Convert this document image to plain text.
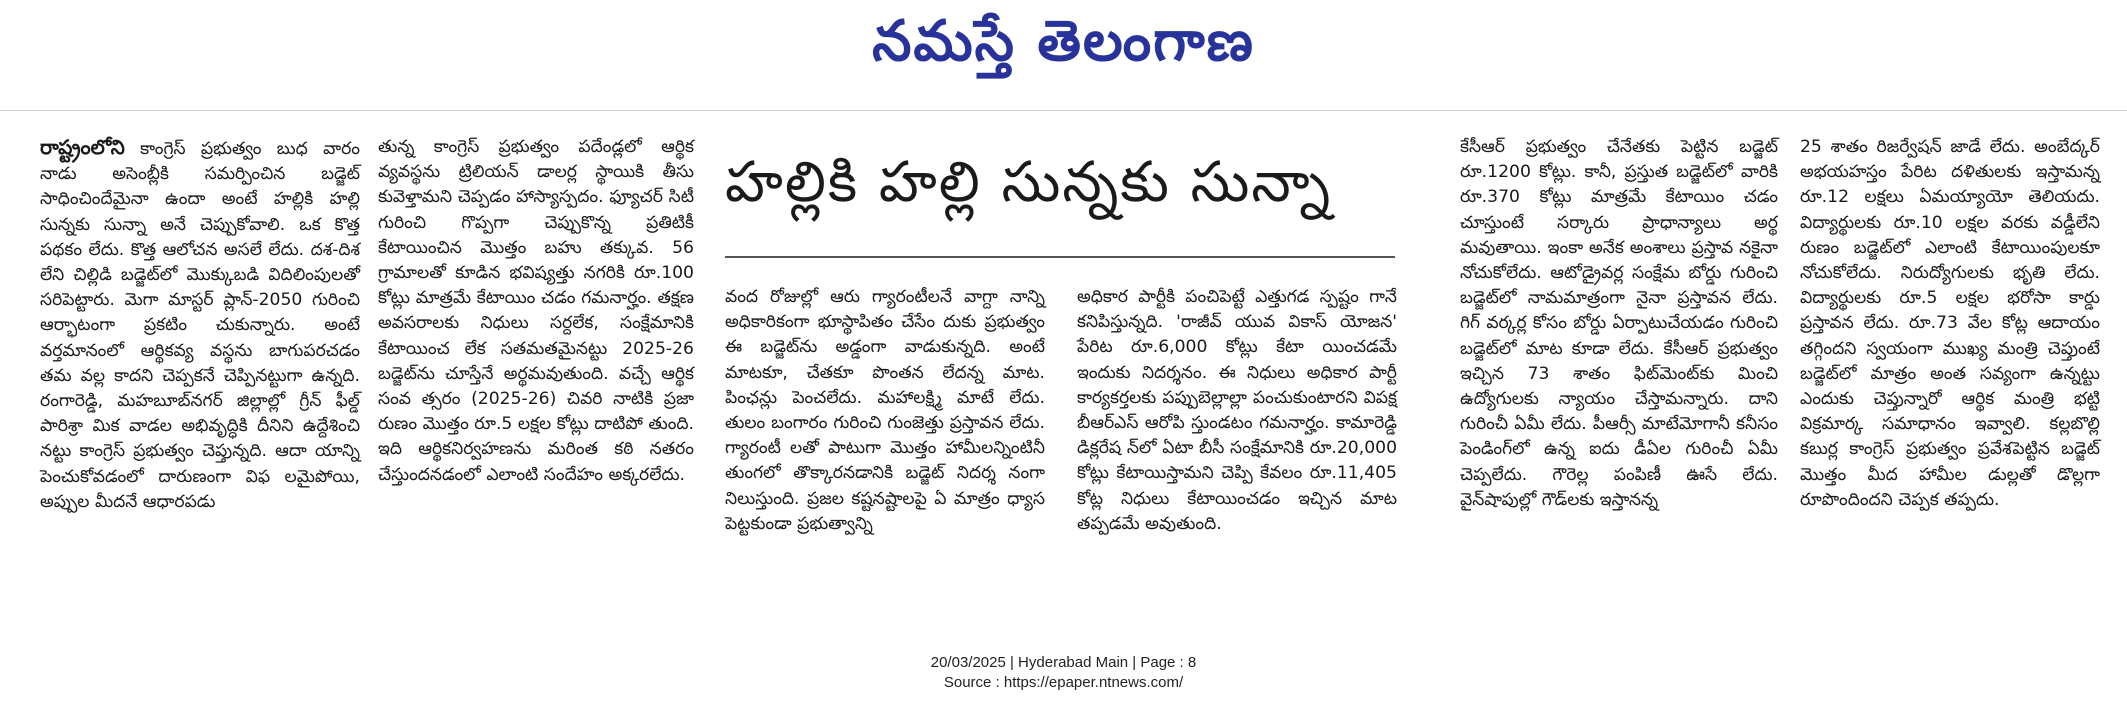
నమస్తే తెలంగాణ

రాష్ట్రంలోని కాంగ్రెస్ ప్రభుత్వం బుధ వారం నాడు అసెంబ్లీకి సమర్పించిన బడ్జెట్ సాధించిందేమైనా ఉందా అంటే హల్లికి హల్లి సున్నకు సున్నా అనే చెప్పుకోవాలి. ఒక కొత్త పథకం లేదు. కొత్త ఆలోచన అసలే లేదు. దశ-దిశ లేని చిల్లిడి బడ్జెట్‌లో మొక్కుబడి విదిలింపులతో సరిపెట్టారు. మెగా మాస్టర్ ప్లాన్-2050 గురించి ఆర్భాటంగా ప్రకటిం చుకున్నారు. అంటే వర్తమానంలో ఆర్థికవ్య వస్థను బాగుపరచడం తమ వల్ల కాదని చెప్పకనే చెప్పినట్టుగా ఉన్నది. రంగారెడ్డి, మహబూబ్‌నగర్ జిల్లాల్లో గ్రీన్ ఫీల్డ్ పారిశ్రా మిక వాడల అభివృద్ధికి దీనిని ఉద్దేశించి నట్టు కాంగ్రెస్ ప్రభుత్వం చెప్తున్నది. ఆదా యాన్ని పెంచుకోవడంలో దారుణంగా విఫ లమైపోయి, అప్పుల మీదనే ఆధారపడు

తున్న కాంగ్రెస్ ప్రభుత్వం పదేండ్లలో ఆర్థిక వ్యవస్థను ట్రిలియన్ డాలర్ల స్థాయికి తీసు కువెళ్తామని చెప్పడం హాస్యాస్పదం. ఫ్యూచర్ సిటీ గురించి గొప్పగా చెప్పుకొన్న ప్రతిటికీ కేటాయించిన మొత్తం బహు తక్కువ. 56 గ్రామాలతో కూడిన భవిష్యత్తు నగరికి రూ.100 కోట్లు మాత్రమే కేటాయిం చడం గమనార్హం. తక్షణ అవసరాలకు నిధులు సర్దలేక, సంక్షేమానికి కేటాయించ లేక సతమతమైనట్టు 2025-26 బడ్జెట్‌ను చూస్తేనే అర్థమవుతుంది. వచ్చే ఆర్థిక సంవ త్సరం (2025-26) చివరి నాటికి ప్రజా రుణం మొత్తం రూ.5 లక్షల కోట్లు దాటిపో తుంది. ఇది ఆర్థికనిర్వహణను మరింత కఠి నతరం చేస్తుందనడంలో ఎలాంటి సందేహం అక్కరలేదు.

హల్లికి హల్లి సున్నకు సున్నా

వంద రోజుల్లో ఆరు గ్యారంటీలనే వాగ్దా నాన్ని అధికారికంగా భూస్థాపితం చేసేం దుకు ప్రభుత్వం ఈ బడ్జెట్‌ను అడ్డంగా వాడుకున్నది. అంటే మాటకూ, చేతకూ పొంతన లేదన్న మాట. పింఛన్లు పెంచలేదు. మహాలక్ష్మి మాటే లేదు. తులం బంగారం గురించి గుంజెత్తు ప్రస్తావన లేదు. గ్యారంటీ లతో పాటుగా మొత్తం హామీలన్నింటినీ తుంగలో తొక్కారనడానికి బడ్జెట్ నిదర్శ నంగా నిలుస్తుంది. ప్రజల కష్టనష్టాలపై ఏ మాత్రం ధ్యాస పెట్టకుండా ప్రభుత్వాన్ని

అధికార పార్టీకి పంచిపెట్టే ఎత్తుగడ స్పష్టం గానే కనిపిస్తున్నది. 'రాజీవ్ యువ వికాస్ యోజన' పేరిట రూ.6,000 కోట్లు కేటా యించడమే ఇందుకు నిదర్శనం. ఈ నిధులు అధికార పార్టీ కార్యకర్తలకు పప్పుబెల్లాల్లా పంచుకుంటారని విపక్ష బీఆర్ఎస్ ఆరోపి స్తుండటం గమనార్హం. కామారెడ్డి డిక్లరేష న్‌లో ఏటా బీసీ సంక్షేమానికి రూ.20,000 కోట్లు కేటాయిస్తామని చెప్పి కేవలం రూ.11,405 కోట్ల నిధులు కేటాయించడం ఇచ్చిన మాట తప్పడమే అవుతుంది.

కేసీఆర్ ప్రభుత్వం చేనేతకు పెట్టిన బడ్జెట్ రూ.1200 కోట్లు. కానీ, ప్రస్తుత బడ్జెట్‌లో వారికి రూ.370 కోట్లు మాత్రమే కేటాయిం చడం చూస్తుంటే సర్కారు ప్రాధాన్యాలు అర్థ మవుతాయి. ఇంకా అనేక అంశాలు ప్రస్తావ నకైనా నోచుకోలేదు. ఆటోడ్రైవర్ల సంక్షేమ బోర్డు గురించి బడ్జెట్‌లో నామమాత్రంగా నైనా ప్రస్తావన లేదు. గిగ్ వర్కర్ల కోసం బోర్డు ఏర్పాటుచేయడం గురించి బడ్జెట్‌లో మాట కూడా లేదు. కేసీఆర్ ప్రభుత్వం ఇచ్చిన 73 శాతం ఫిట్‌మెంట్‌కు మించి ఉద్యోగులకు న్యాయం చేస్తామన్నారు. దాని గురించీ ఏమీ లేదు. పీఆర్సీ మాటేమోగానీ కనీసం పెండింగ్‌లో ఉన్న ఐదు డీఏల గురించీ ఏమీ చెప్పలేదు. గౌరెల్ల పంపిణీ ఊసే లేదు. వైన్‌షాపుల్లో గౌడ్‌లకు ఇస్తానన్న

25 శాతం రిజర్వేషన్ జాడే లేదు. అంబేద్కర్ అభయహస్తం పేరిట దళితులకు ఇస్తామన్న రూ.12 లక్షలు ఏమయ్యాయో తెలియదు. విద్యార్థులకు రూ.10 లక్షల వరకు వడ్డీలేని రుణం బడ్జెట్‌లో ఎలాంటి కేటాయింపులకూ నోచుకోలేదు. నిరుద్యోగులకు భృతి లేదు. విద్యార్థులకు రూ.5 లక్షల భరోసా కార్డు ప్రస్తావన లేదు. రూ.73 వేల కోట్ల ఆదాయం తగ్గిందని స్వయంగా ముఖ్య మంత్రి చెప్తుంటే బడ్జెట్‌లో మాత్రం అంత సవ్యంగా ఉన్నట్టు ఎందుకు చెప్తున్నారో ఆర్థిక మంత్రి భట్టి విక్రమార్క సమాధానం ఇవ్వాలి. కల్లబొల్లి కబుర్ల కాంగ్రెస్ ప్రభుత్వం ప్రవేశపెట్టిన బడ్జెట్ మొత్తం మీద హామీల డుల్లతో డొల్లగా రూపొందిందని చెప్పక తప్పదు.

20/03/2025 | Hyderabad Main | Page : 8
Source : https://epaper.ntnews.com/
